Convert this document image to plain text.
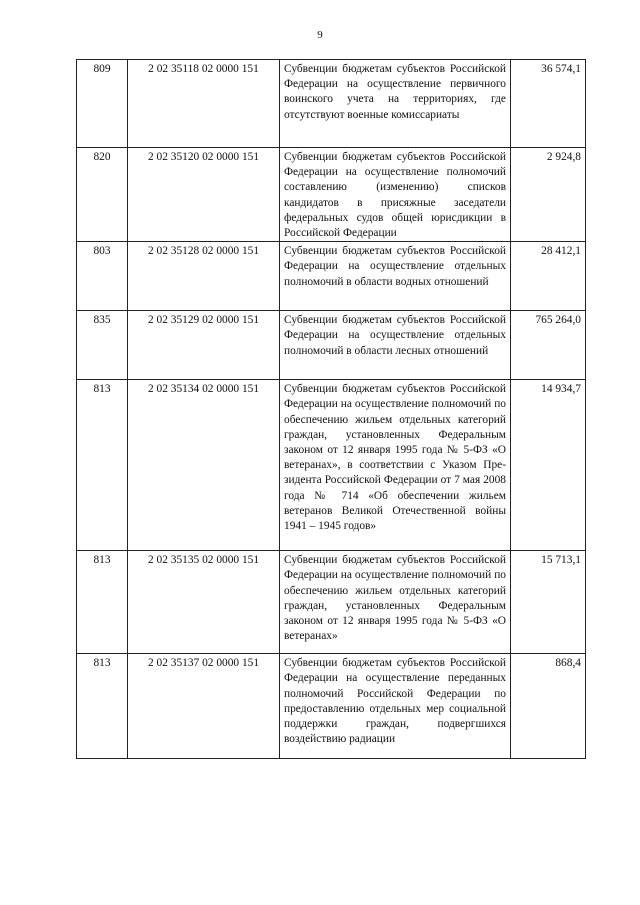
9
809	2 02 35118 02 0000 151	Субвенции бюджетам субъектов Российской Федерации на осуществление первичного воинского учета на территориях, где отсутствуют военные комиссариаты	36 574,1
820	2 02 35120 02 0000 151	Субвенции бюджетам субъектов Российской Федерации на осуществление полномочий составлению (изменению) списков кандидатов в присяжные заседатели федеральных судов общей юрисдикции в Российской Федерации	2 924,8
803	2 02 35128 02 0000 151	Субвенции бюджетам субъектов Российской Федерации на осуществление отдельных полномочий в области водных отношений	28 412,1
835	2 02 35129 02 0000 151	Субвенции бюджетам субъектов Российской Федерации на осуществление отдельных полномочий в области лесных отношений	765 264,0
813	2 02 35134 02 0000 151	Субвенции бюджетам субъектов Российской Федерации на осуществление полномочий по обеспечению жильем отдельных категорий граждан, установленных Федеральным законом от 12 января 1995 года № 5-ФЗ «О ветеранах», в соответствии с Указом Президента Российской Федерации от 7 мая 2008 года № 714 «Об обеспечении жильем ветеранов Великой Отечественной войны 1941 – 1945 годов»	14 934,7
813	2 02 35135 02 0000 151	Субвенции бюджетам субъектов Российской Федерации на осуществление полномочий по обеспечению жильем отдельных категорий граждан, установленных Федеральным законом от 12 января 1995 года № 5-ФЗ «О ветеранах»	15 713,1
813	2 02 35137 02 0000 151	Субвенции бюджетам субъектов Российской Федерации на осуществление переданных полномочий Российской Федерации по предоставлению отдельных мер социальной поддержки граждан, подвергшихся воздействию радиации	868,4
